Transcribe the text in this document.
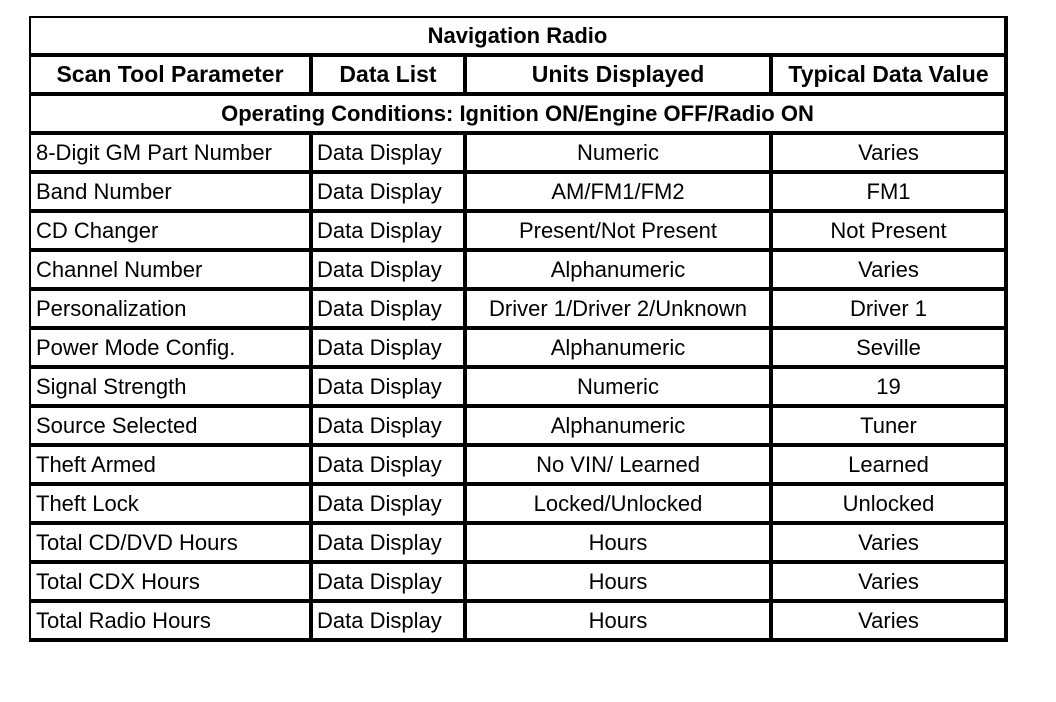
Navigation Radio			
Scan Tool Parameter	Data List	Units Displayed	Typical Data Value
Operating Conditions: Ignition ON/Engine OFF/Radio ON			
8-Digit GM Part Number	Data Display	Numeric	Varies
Band Number	Data Display	AM/FM1/FM2	FM1
CD Changer	Data Display	Present/Not Present	Not Present
Channel Number	Data Display	Alphanumeric	Varies
Personalization	Data Display	Driver 1/Driver 2/Unknown	Driver 1
Power Mode Config.	Data Display	Alphanumeric	Seville
Signal Strength	Data Display	Numeric	19
Source Selected	Data Display	Alphanumeric	Tuner
Theft Armed	Data Display	No VIN/ Learned	Learned
Theft Lock	Data Display	Locked/Unlocked	Unlocked
Total CD/DVD Hours	Data Display	Hours	Varies
Total CDX Hours	Data Display	Hours	Varies
Total Radio Hours	Data Display	Hours	Varies
